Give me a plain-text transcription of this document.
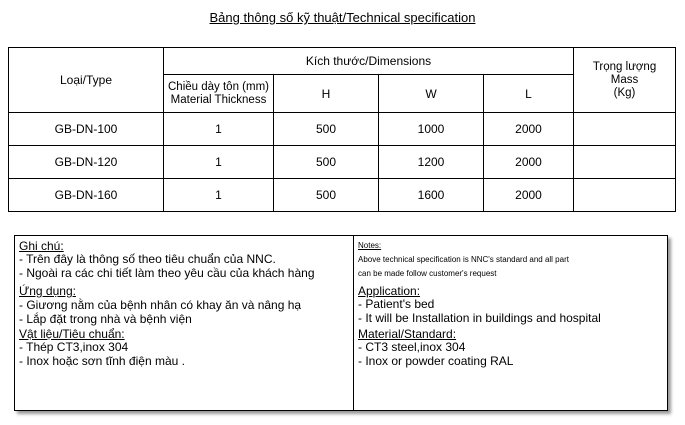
Bảng thông số kỹ thuật/Technical specification
Loại/Type	Kích thước/Dimensions				Trọng lượng
Mass
(Kg)

	Chiều dày tôn (mm)
Material Thickness	H	W	L	
GB-DN-100	1	500	1000	2000	
GB-DN-120	1	500	1200	2000	
GB-DN-160	1	500	1600	2000	
Ghi chú:
- Trên đây là thông số theo tiêu chuẩn của NNC.
- Ngoài ra các chi tiết làm theo yêu cầu của khách hàng
Ứng dụng:
- Giương nằm của bệnh nhân có khay ăn và nâng hạ
- Lắp đặt trong nhà và bệnh viện
Vật liệu/Tiêu chuẩn:
- Thép CT3,inox 304
- Inox hoặc sơn tĩnh điện màu .
Notes:
Above technical specification is NNC's standard and all part
can be made follow customer's request
Application:
- Patient's bed
- It will be Installation in buildings and hospital
Material/Standard:
- CT3 steel,inox 304
- Inox or powder coating RAL
